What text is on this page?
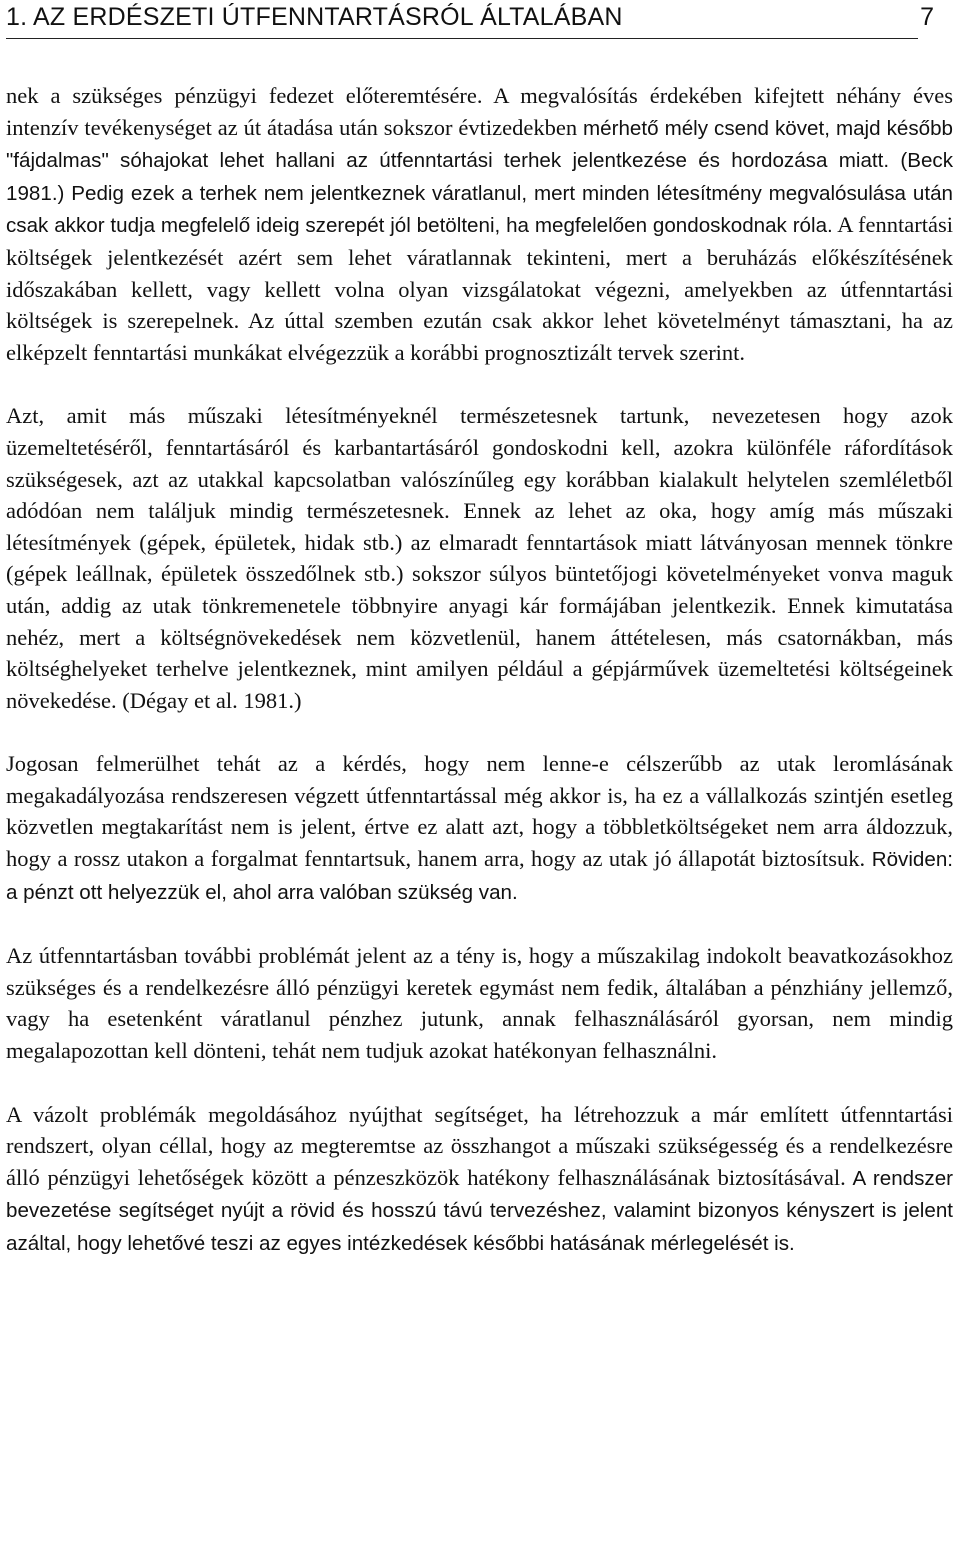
1. AZ ERDÉSZETI ÚTFENNTARTÁSRÓL ÁLTALÁBAN	7

nek a szükséges pénzügyi fedezet előteremtésére. A megvalósítás érdekében kifejtett néhány éves intenzív tevékenységet az út átadása után sokszor évtizedekben mérhető mély csend követ, majd később "fájdalmas" sóhajokat lehet hallani az útfenntartási terhek jelentkezése és hordozása miatt. (Beck 1981.) Pedig ezek a terhek nem jelentkeznek váratlanul, mert minden létesítmény megvalósulása után csak akkor tudja megfelelő ideig szerepét jól betölteni, ha megfelelően gondoskodnak róla. A fenntartási költségek jelentkezését azért sem lehet váratlannak tekinteni, mert a beruházás előkészítésének időszakában kellett, vagy kellett volna olyan vizsgálatokat végezni, amelyekben az útfenntartási költségek is szerepelnek. Az úttal szemben ezután csak akkor lehet követelményt támasztani, ha az elképzelt fenntartási munkákat elvégezzük a korábbi prognosztizált tervek szerint.

Azt, amit más műszaki létesítményeknél természetesnek tartunk, nevezetesen hogy azok üzemeltetéséről, fenntartásáról és karbantartásáról gondoskodni kell, azokra különféle ráfordítások szükségesek, azt az utakkal kapcsolatban valószínűleg egy korábban kialakult helytelen szemléletből adódóan nem találjuk mindig természetesnek. Ennek az lehet az oka, hogy amíg más műszaki létesítmények (gépek, épületek, hidak stb.) az elmaradt fenntartások miatt látványosan mennek tönkre (gépek leállnak, épületek összedőlnek stb.) sokszor súlyos büntetőjogi követelményeket vonva maguk után, addig az utak tönkremenetele többnyire anyagi kár formájában jelentkezik. Ennek kimutatása nehéz, mert a költségnövekedések nem közvetlenül, hanem áttételesen, más csatornákban, más költséghelyeket terhelve jelentkeznek, mint amilyen például a gépjárművek üzemeltetési költségeinek növekedése. (Dégay et al. 1981.)

Jogosan felmerülhet tehát az a kérdés, hogy nem lenne-e célszerűbb az utak leromlásának megakadályozása rendszeresen végzett útfenntartással még akkor is, ha ez a vállalkozás szintjén esetleg közvetlen megtakarítást nem is jelent, értve ez alatt azt, hogy a többletköltségeket nem arra áldozzuk, hogy a rossz utakon a forgalmat fenntartsuk, hanem arra, hogy az utak jó állapotát biztosítsuk. Röviden: a pénzt ott helyezzük el, ahol arra valóban szükség van.

Az útfenntartásban további problémát jelent az a tény is, hogy a műszakilag indokolt beavatkozásokhoz szükséges és a rendelkezésre álló pénzügyi keretek egymást nem fedik, általában a pénzhiány jellemző, vagy ha esetenként váratlanul pénzhez jutunk, annak felhasználásáról gyorsan, nem mindig megalapozottan kell dönteni, tehát nem tudjuk azokat hatékonyan felhasználni.

A vázolt problémák megoldásához nyújthat segítséget, ha létrehozzuk a már említett útfenntartási rendszert, olyan céllal, hogy az megteremtse az összhangot a műszaki szükségesség és a rendelkezésre álló pénzügyi lehetőségek között a pénzeszközök hatékony felhasználásának biztosításával. A rendszer bevezetése segítséget nyújt a rövid és hosszú távú tervezéshez, valamint bizonyos kényszert is jelent azáltal, hogy lehetővé teszi az egyes intézkedések későbbi hatásának mérlegelését is.
